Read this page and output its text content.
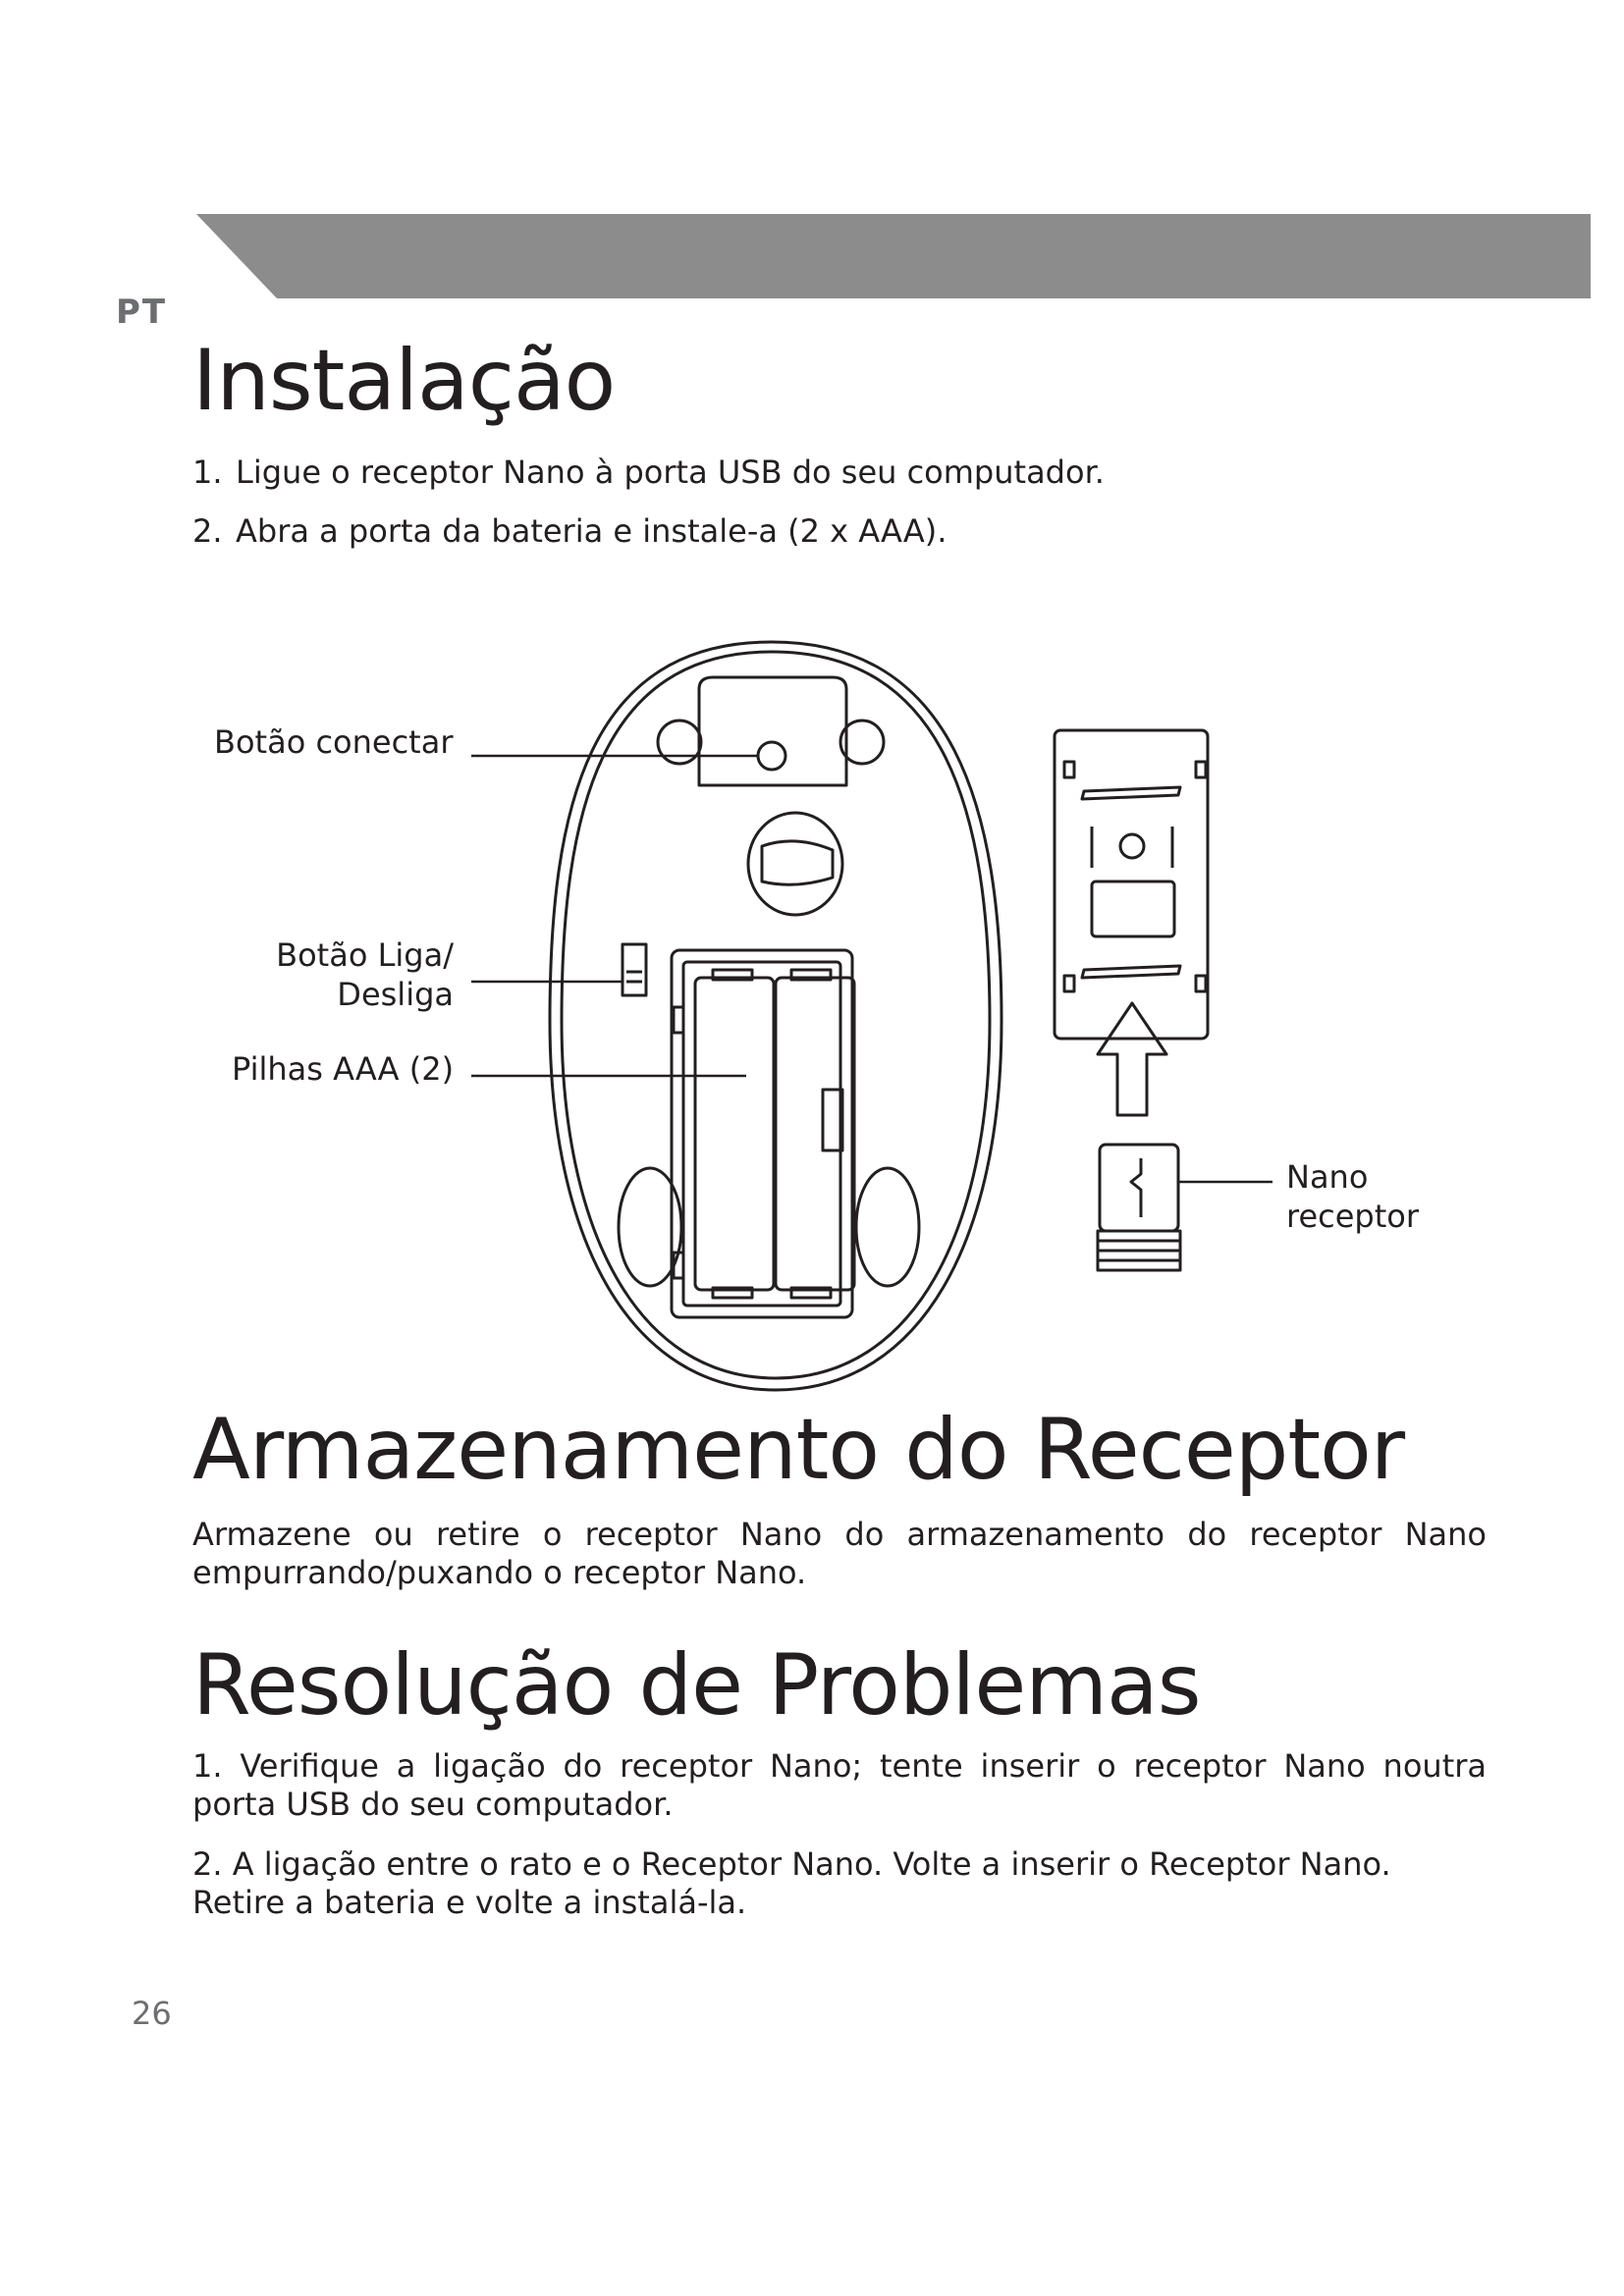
PT
Instalação
1. Ligue o receptor Nano à porta USB do seu computador.
2. Abra a porta da bateria e instale-a (2 x AAA).
Botão conectar
Botão Liga/
Desliga
Pilhas AAA (2)
Nano
receptor
Armazenamento do Receptor

Armazene ou retire o receptor Nano do armazenamento do receptor Nano empurrando/puxando o receptor Nano.

Resolução de Problemas

1. Verifique a ligação do receptor Nano; tente inserir o receptor Nano noutra porta USB do seu computador.

2. A ligação entre o rato e o Receptor Nano. Volte a inserir o Receptor Nano. Retire a bateria e volte a instalá-la.

26
